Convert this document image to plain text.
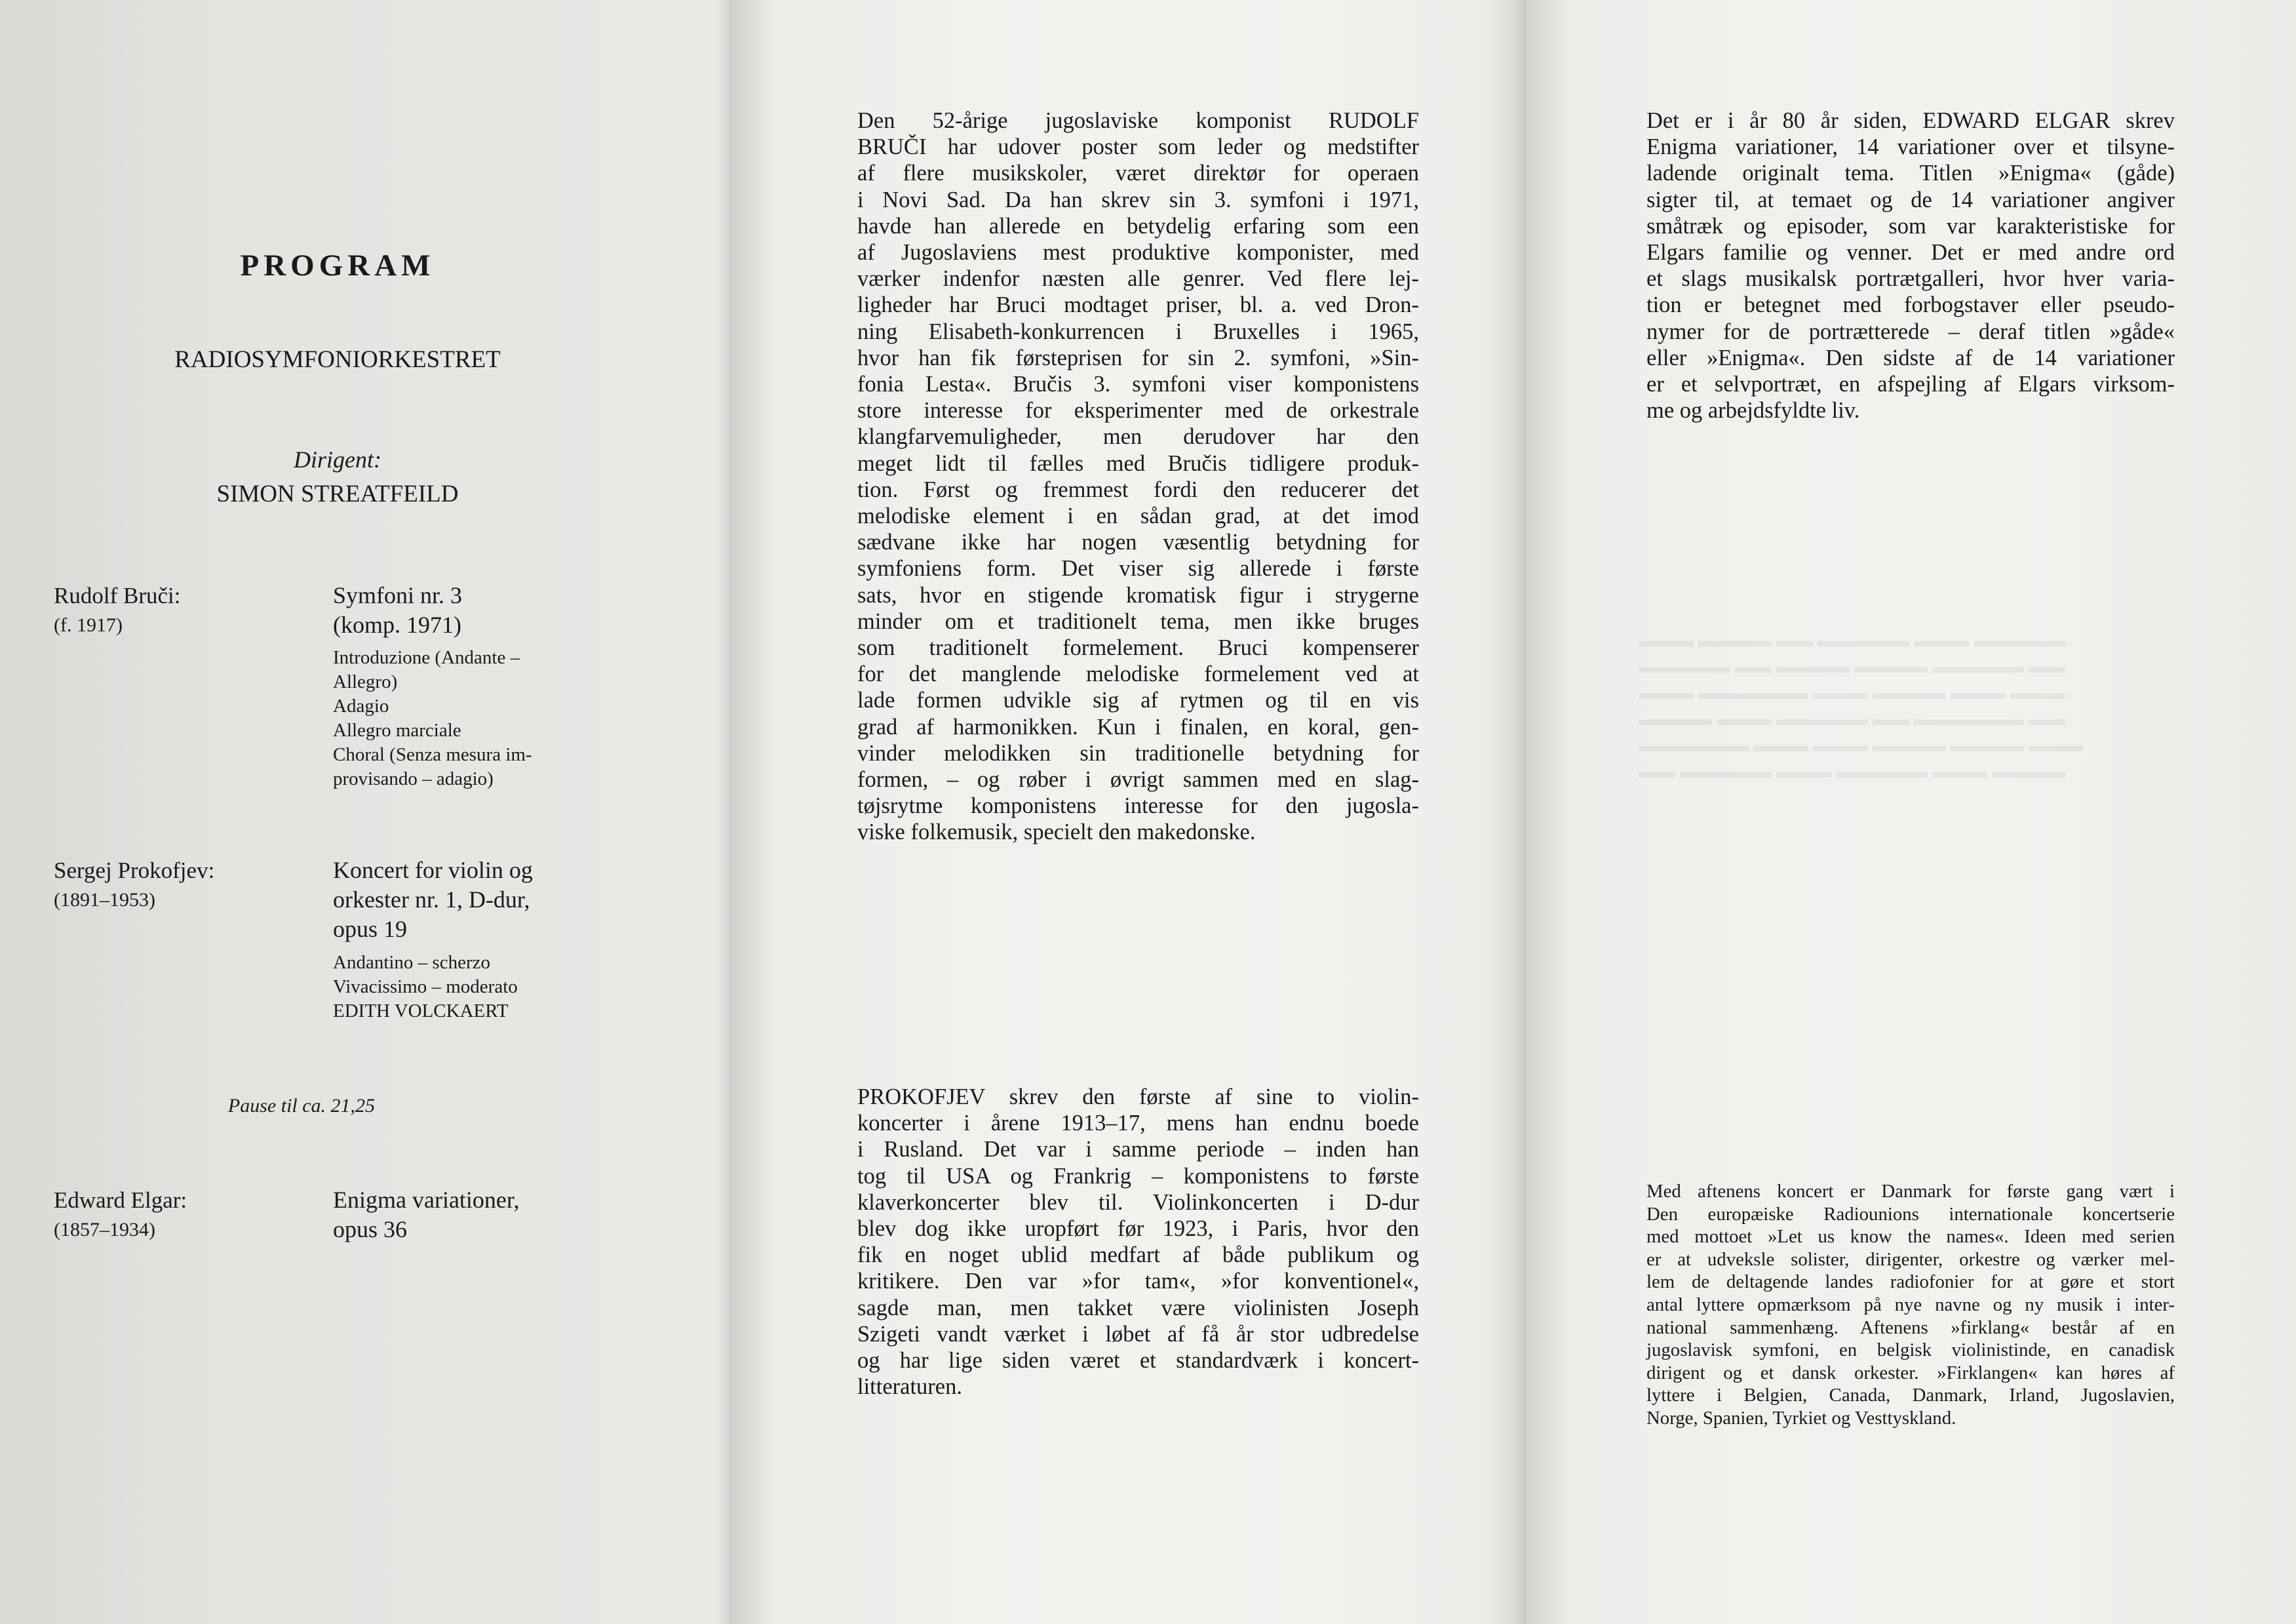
▬▬▬ ▬▬▬▬ ▬▬ ▬▬▬▬▬ ▬▬▬ ▬▬▬▬▬
▬▬▬▬▬ ▬▬ ▬▬▬▬ ▬▬▬▬ ▬▬▬▬▬ ▬▬
▬▬▬ ▬▬▬▬▬▬ ▬▬▬ ▬▬▬▬ ▬▬▬ ▬▬▬
▬▬▬▬ ▬▬▬ ▬▬▬▬▬ ▬▬ ▬▬▬▬▬▬ ▬▬
▬▬▬▬▬▬ ▬▬▬ ▬▬▬ ▬▬▬▬ ▬▬▬▬ ▬▬▬
▬▬ ▬▬▬▬▬ ▬▬▬ ▬▬▬▬▬ ▬▬▬ ▬▬▬▬
PROGRAM
RADIOSYMFONIORKESTRET
Dirigent:
SIMON STREATFEILD
Rudolf Bruči:
(f. 1917)
Symfoni nr. 3
(komp. 1971)
Introduzione (Andante –
Allegro)
Adagio
Allegro marciale
Choral (Senza mesura im-
provisando – adagio)
Sergej Prokofjev:
(1891–1953)
Koncert for violin og
orkester nr. 1, D-dur,
opus 19
Andantino – scherzo
Vivacissimo – moderato
EDITH VOLCKAERT
Pause til ca. 21,25
Edward Elgar:
(1857–1934)
Enigma variationer,
opus 36
Den 52-årige jugoslaviske komponist RUDOLF
BRUČI har udover poster som leder og medstifter
af flere musikskoler, været direktør for operaen
i Novi Sad. Da han skrev sin 3. symfoni i 1971,
havde han allerede en betydelig erfaring som een
af Jugoslaviens mest produktive komponister, med
værker indenfor næsten alle genrer. Ved flere lej-
ligheder har Bruci modtaget priser, bl. a. ved Dron-
ning Elisabeth-konkurrencen i Bruxelles i 1965,
hvor han fik førsteprisen for sin 2. symfoni, »Sin-
fonia Lesta«. Bručis 3. symfoni viser komponistens
store interesse for eksperimenter med de orkestrale
klangfarvemuligheder, men derudover har den
meget lidt til fælles med Bručis tidligere produk-
tion. Først og fremmest fordi den reducerer det
melodiske element i en sådan grad, at det imod
sædvane ikke har nogen væsentlig betydning for
symfoniens form. Det viser sig allerede i første
sats, hvor en stigende kromatisk figur i strygerne
minder om et traditionelt tema, men ikke bruges
som traditionelt formelement. Bruci kompenserer
for det manglende melodiske formelement ved at
lade formen udvikle sig af rytmen og til en vis
grad af harmonikken. Kun i finalen, en koral, gen-
vinder melodikken sin traditionelle betydning for
formen, – og røber i øvrigt sammen med en slag-
tøjsrytme komponistens interesse for den jugosla-
viske folkemusik, specielt den makedonske.
PROKOFJEV skrev den første af sine to violin-
koncerter i årene 1913–17, mens han endnu boede
i Rusland. Det var i samme periode – inden han
tog til USA og Frankrig – komponistens to første
klaverkoncerter blev til. Violinkoncerten i D-dur
blev dog ikke uropført før 1923, i Paris, hvor den
fik en noget ublid medfart af både publikum og
kritikere. Den var »for tam«, »for konventionel«,
sagde man, men takket være violinisten Joseph
Szigeti vandt værket i løbet af få år stor udbredelse
og har lige siden været et standardværk i koncert-
litteraturen.
Det er i år 80 år siden, EDWARD ELGAR skrev
Enigma variationer, 14 variationer over et tilsyne-
ladende originalt tema. Titlen »Enigma« (gåde)
sigter til, at temaet og de 14 variationer angiver
småtræk og episoder, som var karakteristiske for
Elgars familie og venner. Det er med andre ord
et slags musikalsk portrætgalleri, hvor hver varia-
tion er betegnet med forbogstaver eller pseudo-
nymer for de portrætterede – deraf titlen »gåde«
eller »Enigma«. Den sidste af de 14 variationer
er et selvportræt, en afspejling af Elgars virksom-
me og arbejdsfyldte liv.
Med aftenens koncert er Danmark for første gang vært i
Den europæiske Radiounions internationale koncertserie
med mottoet »Let us know the names«. Ideen med serien
er at udveksle solister, dirigenter, orkestre og værker mel-
lem de deltagende landes radiofonier for at gøre et stort
antal lyttere opmærksom på nye navne og ny musik i inter-
national sammenhæng. Aftenens »firklang« består af en
jugoslavisk symfoni, en belgisk violinistinde, en canadisk
dirigent og et dansk orkester. »Firklangen« kan høres af
lyttere i Belgien, Canada, Danmark, Irland, Jugoslavien,
Norge, Spanien, Tyrkiet og Vesttyskland.
